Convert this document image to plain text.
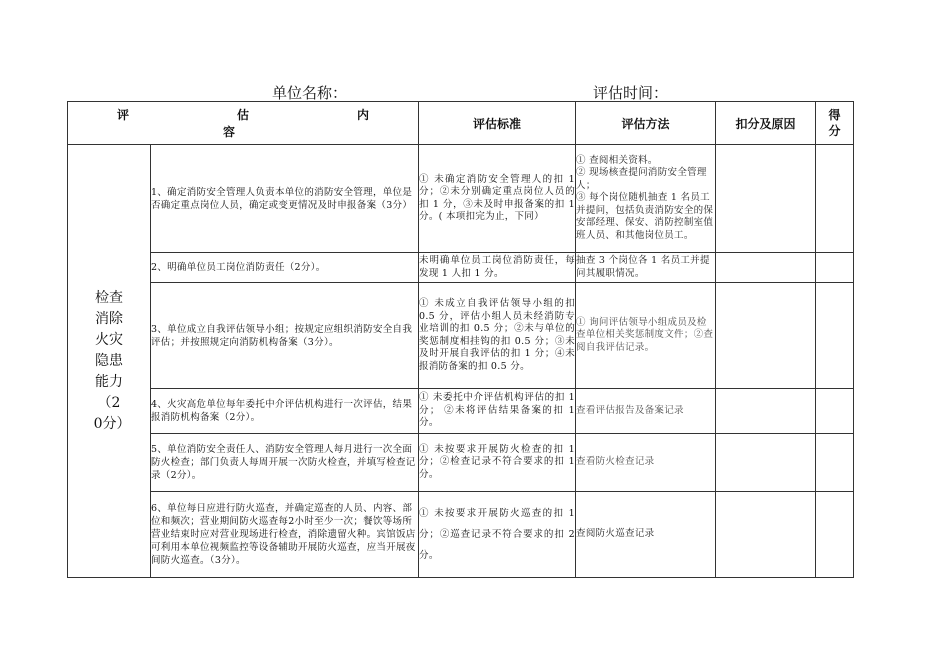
单位名称：	评估时间：
评　　估　　内　　容		评估标准	评估方法	扣分及原因	得分
检查消除火灾隐患能力（20分）	1、确定消防安全管理人负责本单位的消防安全管理，单位是否确定重点岗位人员，确定或变更情况及时申报备案（3分）	① 未确定消防安全管理人的扣 1 分；②未分别确定重点岗位人员的扣 1 分，③未及时申报备案的扣 1 分。( 本项扣完为止，下同）	① 查阅相关资料。
② 现场核查提问消防安全管理人；
③ 每个岗位随机抽查 1 名员工并提问，包括负责消防安全的保安部经理、保安、消防控制室值班人员、和其他岗位员工。		
	2、明确单位员工岗位消防责任（2分）。	未明确单位员工岗位消防责任，每发现 1 人扣 1 分。	抽查 3 个岗位各 1 名员工并提问其履职情况。		
	3、单位成立自我评估领导小组；按规定应组织消防安全自我评估；并按照规定向消防机构备案（3分）。	① 未成立自我评估领导小组的扣 0.5 分，评估小组人员未经消防专业培训的扣 0.5 分；②未与单位的奖惩制度相挂钩的扣 0.5 分；③未及时开展自我评估的扣 1 分；④未报消防备案的扣 0.5 分。	① 询问评估领导小组成员及检查单位相关奖惩制度文件；②查阅自我评估记录。		
	4、火灾高危单位每年委托中介评估机构进行一次评估，结果报消防机构备案（2分）。	① 未委托中介评估机构评估的扣 1 分； ②未将评估结果备案的扣 1 分。	查看评估报告及备案记录		
	5、单位消防安全责任人、消防安全管理人每月进行一次全面防火检查；部门负责人每周开展一次防火检查，并填写检查记录（2分）。	① 未按要求开展防火检查的扣 1 分；②检查记录不符合要求的扣 1 分。	查看防火检查记录		
	6、单位每日应进行防火巡查，并确定巡查的人员、内容、部位和频次；营业期间防火巡查每2小时至少一次；餐饮等场所营业结束时应对营业现场进行检查，消除遗留火种。宾馆饭店可利用本单位视频监控等设备辅助开展防火巡查，应当开展夜间防火巡查。（3分）。	① 未按要求开展防火巡查的扣 1 分；②巡查记录不符合要求的扣 2 分。	查阅防火巡查记录		
